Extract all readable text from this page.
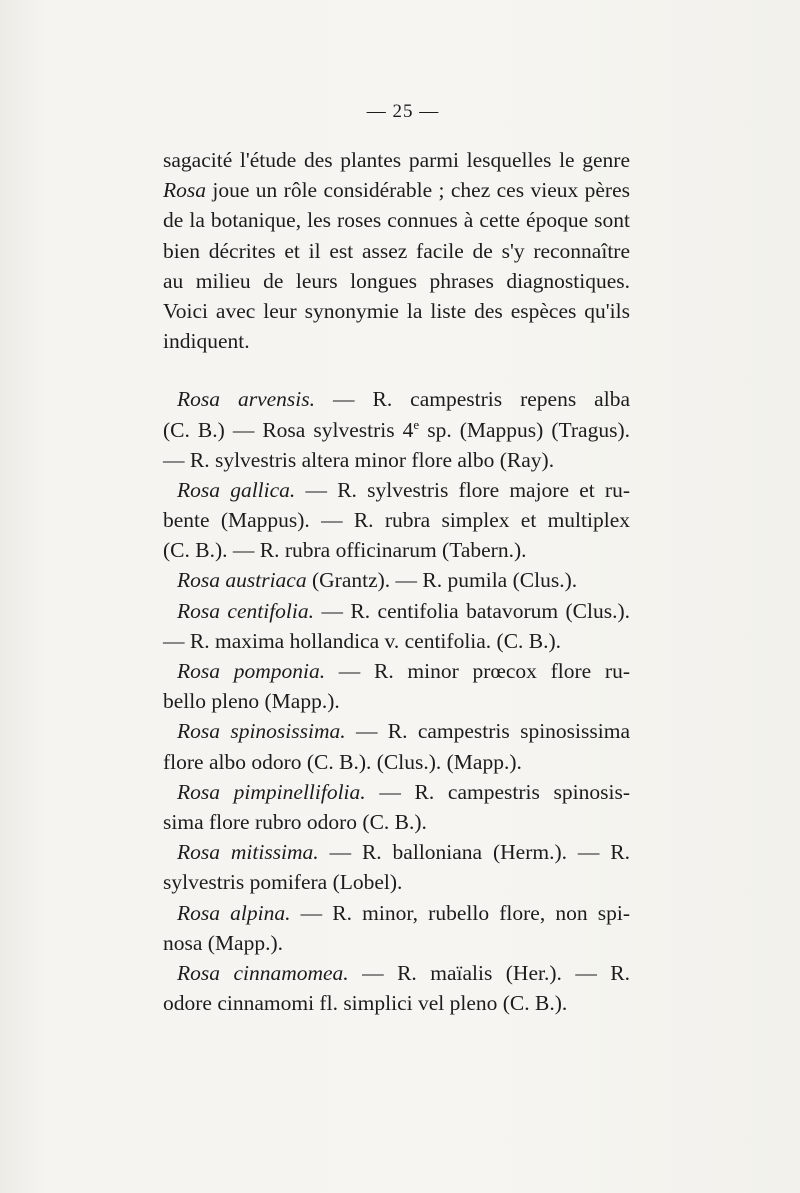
— 25 —
sagacité l'étude des plantes parmi lesquelles le genre
Rosa joue un rôle considérable ; chez ces vieux pères
de la botanique, les roses connues à cette époque sont
bien décrites et il est assez facile de s'y reconnaître
au milieu de leurs longues phrases diagnostiques.
Voici avec leur synonymie la liste des espèces qu'ils
indiquent.
Rosa arvensis. — R. campestris repens alba
(C. B.) — Rosa sylvestris 4e sp. (Mappus) (Tragus).
— R. sylvestris altera minor flore albo (Ray).
Rosa gallica. — R. sylvestris flore majore et ru-
bente (Mappus). — R. rubra simplex et multiplex
(C. B.). — R. rubra officinarum (Tabern.).
Rosa austriaca (Grantz). — R. pumila (Clus.).
Rosa centifolia. — R. centifolia batavorum (Clus.).
— R. maxima hollandica v. centifolia. (C. B.).
Rosa pomponia. — R. minor prœcox flore ru-
bello pleno (Mapp.).
Rosa spinosissima. — R. campestris spinosissima
flore albo odoro (C. B.). (Clus.). (Mapp.).
Rosa pimpinellifolia. — R. campestris spinosis-
sima flore rubro odoro (C. B.).
Rosa mitissima. — R. balloniana (Herm.). — R.
sylvestris pomifera (Lobel).
Rosa alpina. — R. minor, rubello flore, non spi-
nosa (Mapp.).
Rosa cinnamomea. — R. maïalis (Her.). — R.
odore cinnamomi fl. simplici vel pleno (C. B.).
